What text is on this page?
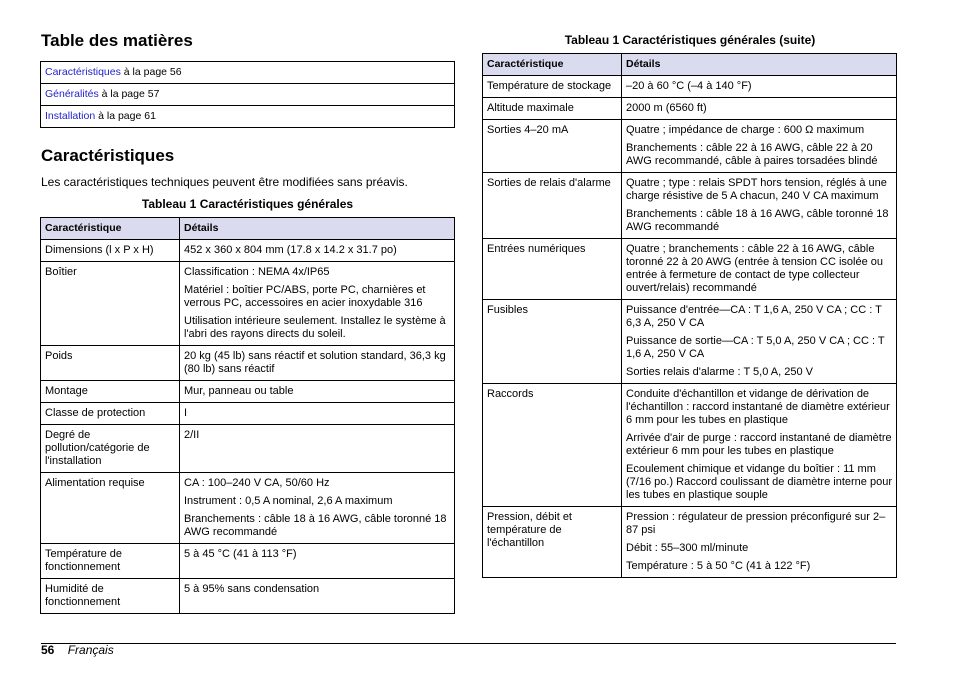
Table des matières
Caractéristiques à la page 56
Généralités à la page 57
Installation à la page 61
Caractéristiques
Les caractéristiques techniques peuvent être modifiées sans préavis.
Tableau 1 Caractéristiques générales
Caractéristique	Détails
Dimensions (l x P x H)	452 x 360 x 804 mm (17.8 x 14.2 x 31.7 po)

Boîtier	Classification : NEMA 4x/IP65

Matériel : boîtier PC/ABS, porte PC, charnières et verrous PC, accessoires en acier inoxydable 316

Utilisation intérieure seulement. Installez le système à l'abri des rayons directs du soleil.

Poids	20 kg (45 lb) sans réactif et solution standard, 36,3 kg (80 lb) sans réactif

Montage	Mur, panneau ou table

Classe de protection	I

Degré de pollution/catégorie de l'installation	2/II

Alimentation requise	CA : 100–240 V CA, 50/60 Hz

Instrument : 0,5 A nominal, 2,6 A maximum

Branchements : câble 18 à 16 AWG, câble toronné 18 AWG recommandé

Température de fonctionnement	5 à 45 °C (41 à 113 °F)

Humidité de fonctionnement	5 à 95% sans condensation

Tableau 1 Caractéristiques générales (suite)
Caractéristique	Détails
Température de stockage	–20 à 60 °C (–4 à 140 °F)

Altitude maximale	2000 m (6560 ft)

Sorties 4–20 mA	Quatre ; impédance de charge : 600 Ω maximum

Branchements : câble 22 à 16 AWG, câble 22 à 20 AWG recommandé, câble à paires torsadées blindé

Sorties de relais d'alarme	Quatre ; type : relais SPDT hors tension, réglés à une charge résistive de 5 A chacun, 240 V CA maximum

Branchements : câble 18 à 16 AWG, câble toronné 18 AWG recommandé

Entrées numériques	Quatre ; branchements : câble 22 à 16 AWG, câble toronné 22 à 20 AWG (entrée à tension CC isolée ou entrée à fermeture de contact de type collecteur ouvert/relais) recommandé

Fusibles	Puissance d'entrée—CA : T 1,6 A, 250 V CA ; CC : T 6,3 A, 250 V CA

Puissance de sortie—CA : T 5,0 A, 250 V CA ; CC : T 1,6 A, 250 V CA

Sorties relais d'alarme : T 5,0 A, 250 V

Raccords	Conduite d'échantillon et vidange de dérivation de l'échantillon : raccord instantané de diamètre extérieur 6 mm pour les tubes en plastique

Arrivée d'air de purge : raccord instantané de diamètre extérieur 6 mm pour les tubes en plastique

Ecoulement chimique et vidange du boîtier : 11 mm (7/16 po.) Raccord coulissant de diamètre interne pour les tubes en plastique souple

Pression, débit et température de l'échantillon	Pression : régulateur de pression préconfiguré sur 2–87 psi

Débit : 55–300 ml/minute

Température : 5 à 50 °C (41 à 122 °F)

56 Français
